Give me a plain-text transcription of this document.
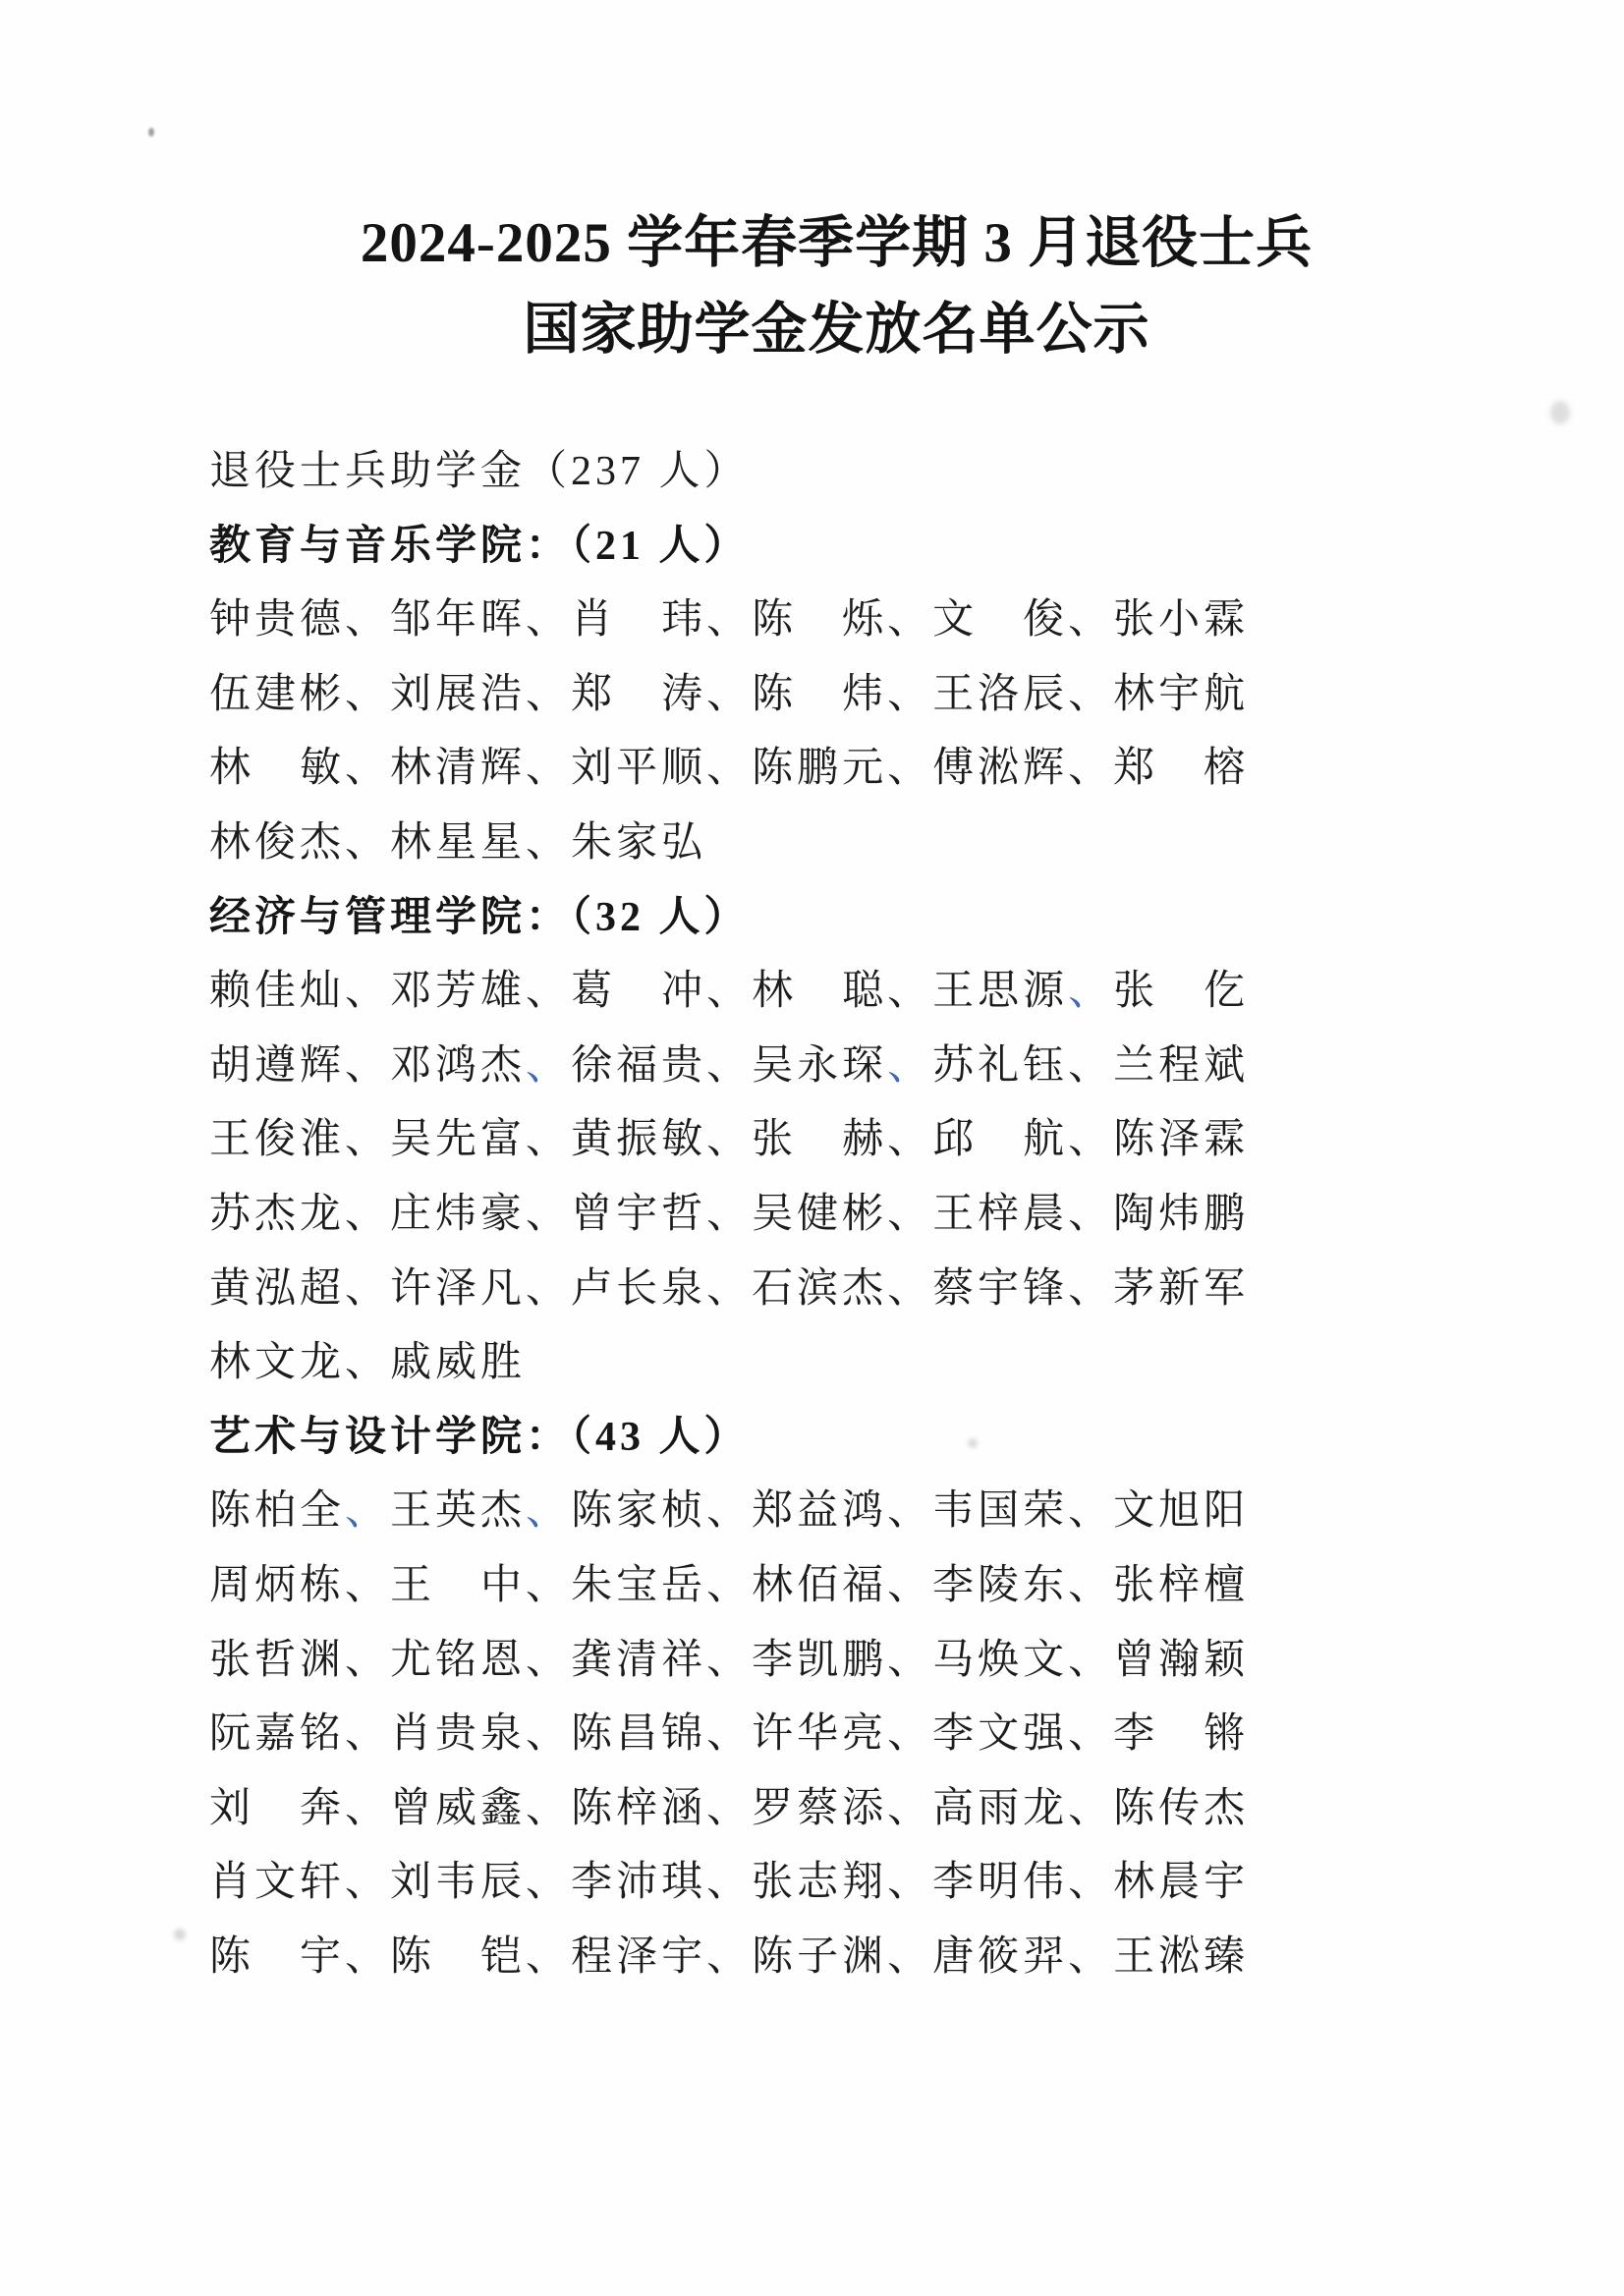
2024-2025 学年春季学期 3 月退役士兵
国家助学金发放名单公示
退役士兵助学金（237 人）
教育与音乐学院：（21 人）
钟贵德、邹年晖、肖　玮、陈　烁、文　俊、张小霖
伍建彬、刘展浩、郑　涛、陈　炜、王洛辰、林宇航
林　敏、林清辉、刘平顺、陈鹏元、傅淞辉、郑　榕
林俊杰、林星星、朱家弘
经济与管理学院：（32 人）
赖佳灿、邓芳雄、葛　冲、林　聪、王思源、张　仡
胡遵辉、邓鸿杰、徐福贵、吴永琛、苏礼钰、兰程斌
王俊淮、吴先富、黄振敏、张　赫、邱　航、陈泽霖
苏杰龙、庄炜豪、曾宇哲、吴健彬、王梓晨、陶炜鹏
黄泓超、许泽凡、卢长泉、石滨杰、蔡宇锋、茅新军
林文龙、戚威胜
艺术与设计学院：（43 人）
陈柏全、王英杰、陈家桢、郑益鸿、韦国荣、文旭阳
周炳栋、王　中、朱宝岳、林佰福、李陵东、张梓檀
张哲渊、尤铭恩、龚清祥、李凯鹏、马焕文、曾瀚颖
阮嘉铭、肖贵泉、陈昌锦、许华亮、李文强、李　锵
刘　奔、曾威鑫、陈梓涵、罗蔡添、高雨龙、陈传杰
肖文轩、刘韦辰、李沛琪、张志翔、李明伟、林晨宇
陈　宇、陈　铠、程泽宇、陈子渊、唐筱羿、王淞臻
